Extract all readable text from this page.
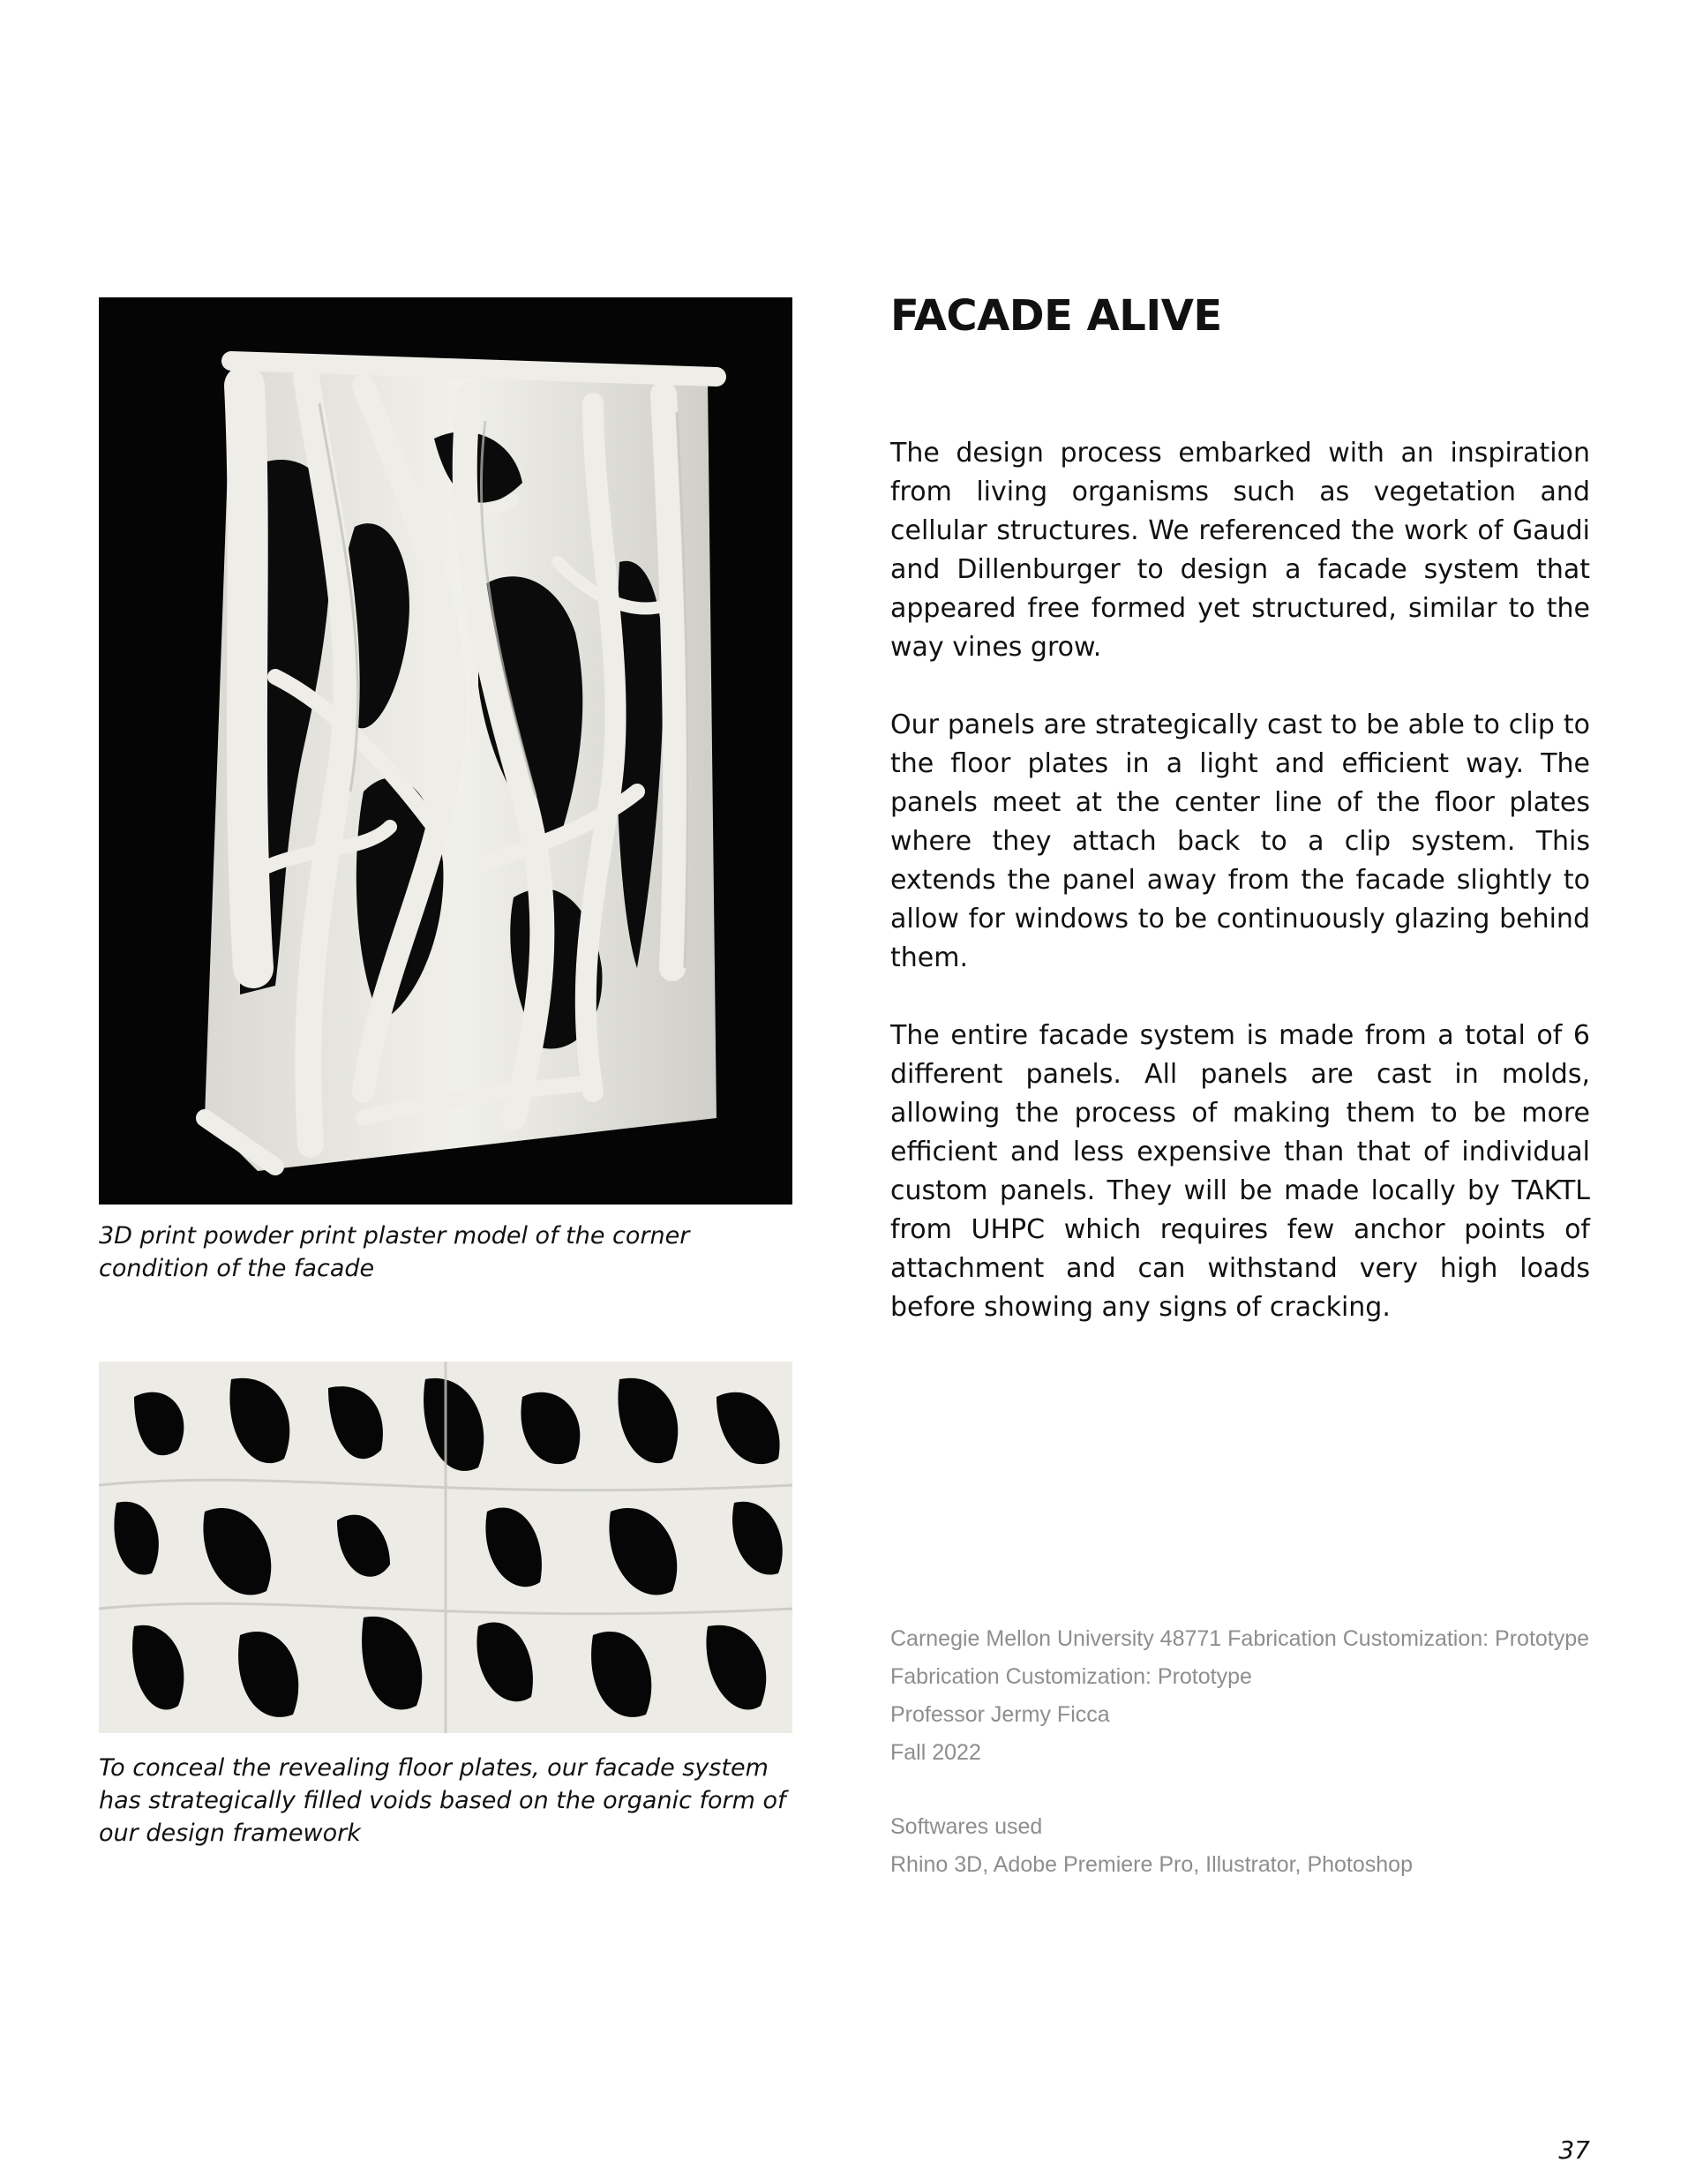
3D print powder print plaster model of the corner condition of the facade
To conceal the revealing floor plates, our facade system has strategically filled voids based on the organic form of our design framework
FACADE ALIVE

The design process embarked with an inspiration from living organisms such as vegetation and cellular structures. We referenced the work of Gaudi and Dillenburger to design a facade system that appeared free formed yet structured, similar to the way vines grow.

Our panels are strategically cast to be able to clip to the floor plates in a light and efficient way. The panels meet at the center line of the floor plates where they attach back to a clip system. This extends the panel away from the facade slightly to allow for windows to be continuously glazing behind them.

The entire facade system is made from a total of 6 different panels. All panels are cast in molds, allowing the process of making them to be more efficient and less expensive than that of individual custom panels. They will be made locally by TAKTL from UHPC which requires few anchor points of attachment and can withstand very high loads before showing any signs of cracking.

Carnegie Mellon University 48771 Fabrication Customization: Prototype
Fabrication Customization: Prototype
Professor Jermy Ficca
Fall 2022
Softwares used
Rhino 3D, Adobe Premiere Pro, Illustrator, Photoshop
37
